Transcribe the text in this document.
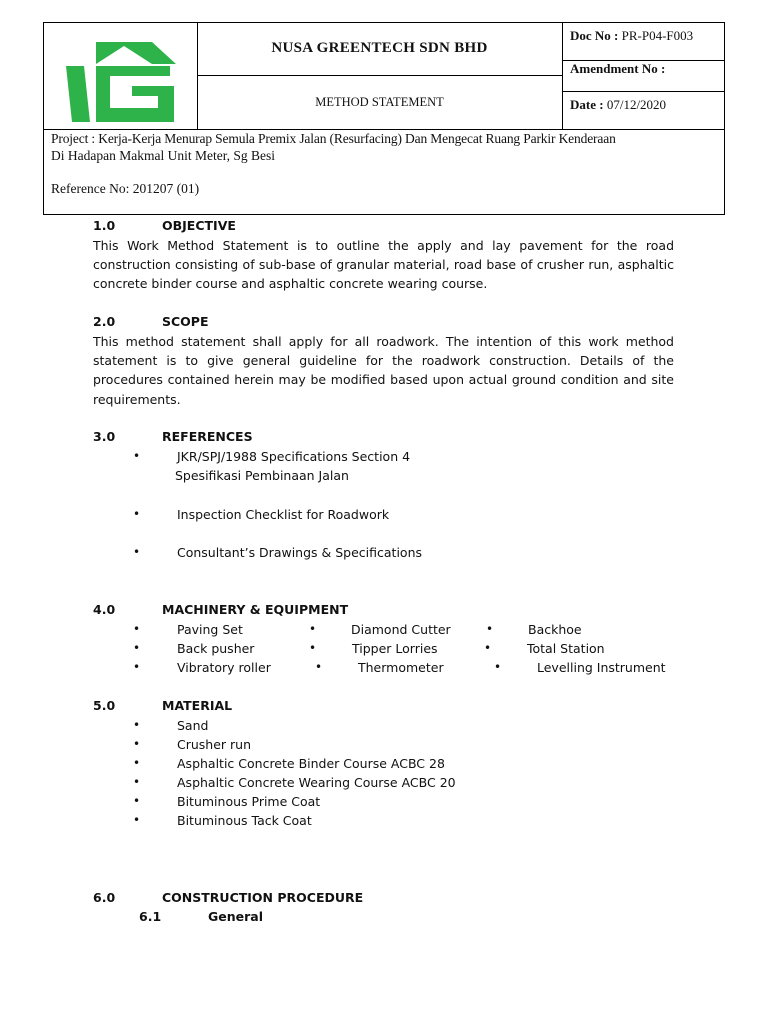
NUSA GREENTECH SDN BHD
METHOD STATEMENT
Doc No : PR-P04-F003
Amendment No :
Date : 07/12/2020
Project : Kerja-Kerja Menurap Semula Premix Jalan (Resurfacing) Dan Mengecat Ruang Parkir Kenderaan
Di Hadapan Makmal Unit Meter, Sg Besi
Reference No: 201207 (01)
1.0	OBJECTIVE
This Work Method Statement is to outline the apply and lay pavement for the road
construction consisting of sub-base of granular material, road base of crusher run, asphaltic
concrete binder course and asphaltic concrete wearing course.
2.0	SCOPE
This method statement shall apply for all roadwork. The intention of this work method
statement is to give general guideline for the roadwork construction. Details of the
procedures contained herein may be modified based upon actual ground condition and site
requirements.
3.0	REFERENCES
•	JKR/SPJ/1988 Specifications Section 4
Spesifikasi Pembinaan Jalan
•	Inspection Checklist for Roadwork
•	Consultant’s Drawings & Specifications
4.0	MACHINERY & EQUIPMENT
•	Paving Set	•	Diamond Cutter	•	Backhoe
•	Back pusher	•	Tipper Lorries	•	Total Station
•	Vibratory roller	•	Thermometer	•	Levelling Instrument
5.0	MATERIAL
•	Sand
•	Crusher run
•	Asphaltic Concrete Binder Course ACBC 28
•	Asphaltic Concrete Wearing Course ACBC 20
•	Bituminous Prime Coat
•	Bituminous Tack Coat
6.0	CONSTRUCTION PROCEDURE
6.1	General
